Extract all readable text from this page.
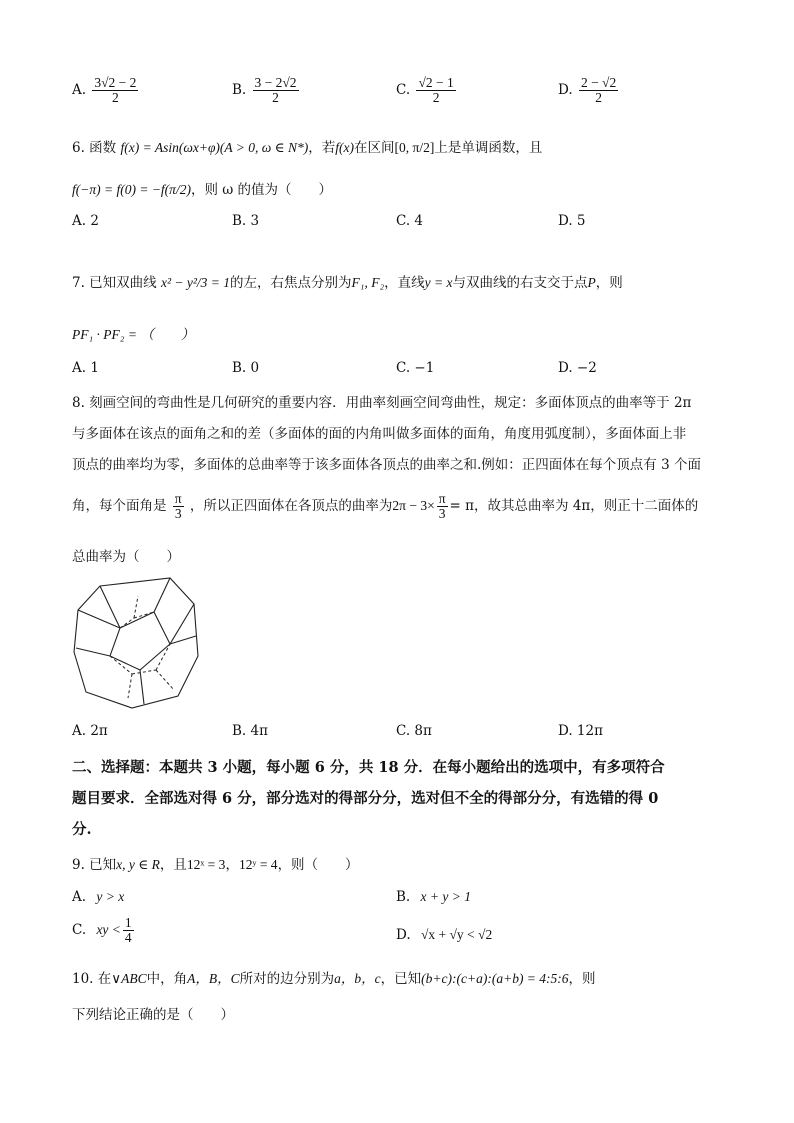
A. $\frac{3√2 - 2}{2}$	B. $\frac{3 - 2√2}{2}$	C. $\frac{√2 - 1}{2}$	D. $\frac{2 - √2}{2}$
6. 函数 f(x) = Asin(ωx+φ)(A > 0, ω ∈ N*)，若f(x)在区间[0, π/2]上是单调函数，且
f(−π) = f(0) = −f(π/2)，则 ω 的值为（　　）
A. 2	B. 3	C. 4	D. 5
7. 已知双曲线 x² − y²/3 = 1的左，右焦点分别为F₁, F₂，直线y = x与双曲线的右支交于点P，则
PF₁ · PF₂ = （　　）
A. 1	B. 0	C. −1	D. −2
8. 刻画空间的弯曲性是几何研究的重要内容．用曲率刻画空间弯曲性，规定：多面体顶点的曲率等于 2π
与多面体在该点的面角之和的差（多面体的面的内角叫做多面体的面角，角度用弧度制），多面体面上非
顶点的曲率均为零，多面体的总曲率等于该多面体各顶点的曲率之和.例如：正四面体在每个顶点有 3 个面
角，每个面角是 $\frac{\pi}{3}$ ，所以正四面体在各顶点的曲率为$2\pi - 3\times \frac{\pi}{3} = \pi$，故其总曲率为 4π，则正十二面体的
总曲率为（　　）
A. 2π	B. 4π	C. 8π	D. 12π
二、选择题：本题共 3 小题，每小题 6 分，共 18 分．在每小题给出的选项中，有多项符合
题目要求．全部选对得 6 分，部分选对的得部分分，选对但不全的得部分分，有选错的得 0
分.
9. 已知x, y ∈ R，且12ˣ = 3，12ʸ = 4，则（　　）
A. y > x	B. x + y > 1
C. xy < $\frac{1}{4}$	D. √x + √y < √2
10. 在∨ABC中，角A，B，C所对的边分别为a，b，c，已知(b+c):(c+a):(a+b) = 4:5:6，则
下列结论正确的是（　　）
